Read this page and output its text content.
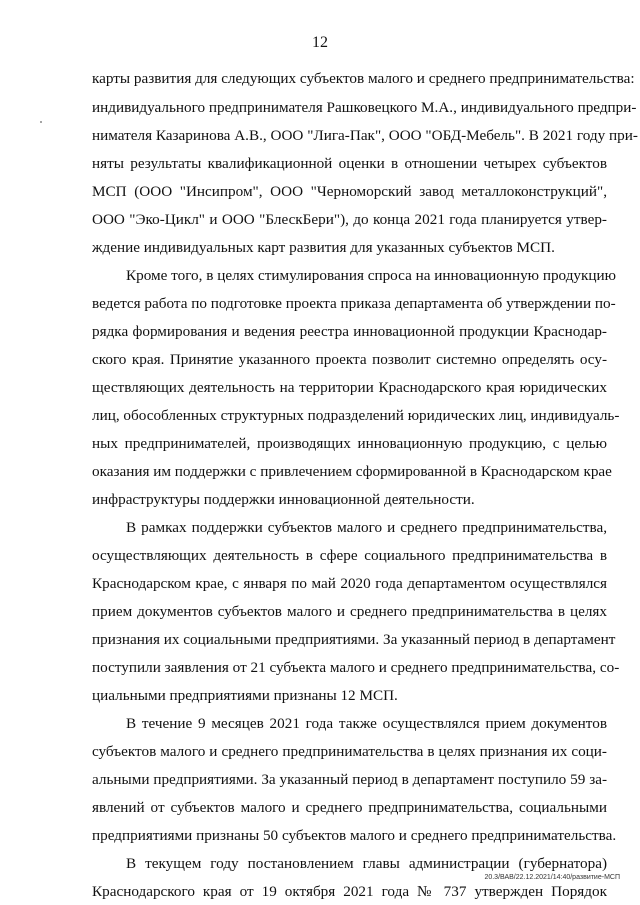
12
карты развития для следующих субъектов малого и среднего предпринимательства:
индивидуального предпринимателя Рашковецкого М.А., индивидуального предпри-
нимателя Казаринова А.В., ООО "Лига-Пак", ООО "ОБД-Мебель". В 2021 году при-
няты результаты квалификационной оценки в отношении четырех субъектов
МСП (ООО "Инсипром", ООО "Черноморский завод металлоконструкций",
ООО "Эко-Цикл" и ООО "БлескБери"), до конца 2021 года планируется утвер-
ждение индивидуальных карт развития для указанных субъектов МСП.
Кроме того, в целях стимулирования спроса на инновационную продукцию
ведется работа по подготовке проекта приказа департамента об утверждении по-
рядка формирования и ведения реестра инновационной продукции Краснодар-
ского края. Принятие указанного проекта позволит системно определять осу-
ществляющих деятельность на территории Краснодарского края юридических
лиц, обособленных структурных подразделений юридических лиц, индивидуаль-
ных предпринимателей, производящих инновационную продукцию, с целью
оказания им поддержки с привлечением сформированной в Краснодарском крае
инфраструктуры поддержки инновационной деятельности.
В рамках поддержки субъектов малого и среднего предпринимательства,
осуществляющих деятельность в сфере социального предпринимательства в
Краснодарском крае, с января по май 2020 года департаментом осуществлялся
прием документов субъектов малого и среднего предпринимательства в целях
признания их социальными предприятиями. За указанный период в департамент
поступили заявления от 21 субъекта малого и среднего предпринимательства, со-
циальными предприятиями признаны 12 МСП.
В течение 9 месяцев 2021 года также осуществлялся прием документов
субъектов малого и среднего предпринимательства в целях признания их соци-
альными предприятиями. За указанный период в департамент поступило 59 за-
явлений от субъектов малого и среднего предпринимательства, социальными
предприятиями признаны 50 субъектов малого и среднего предпринимательства.
В текущем году постановлением главы администрации (губернатора)
Краснодарского края от 19 октября 2021 года № 737 утвержден Порядок
20.3/ВАВ/22.12.2021/14:40/развитие-МСП
